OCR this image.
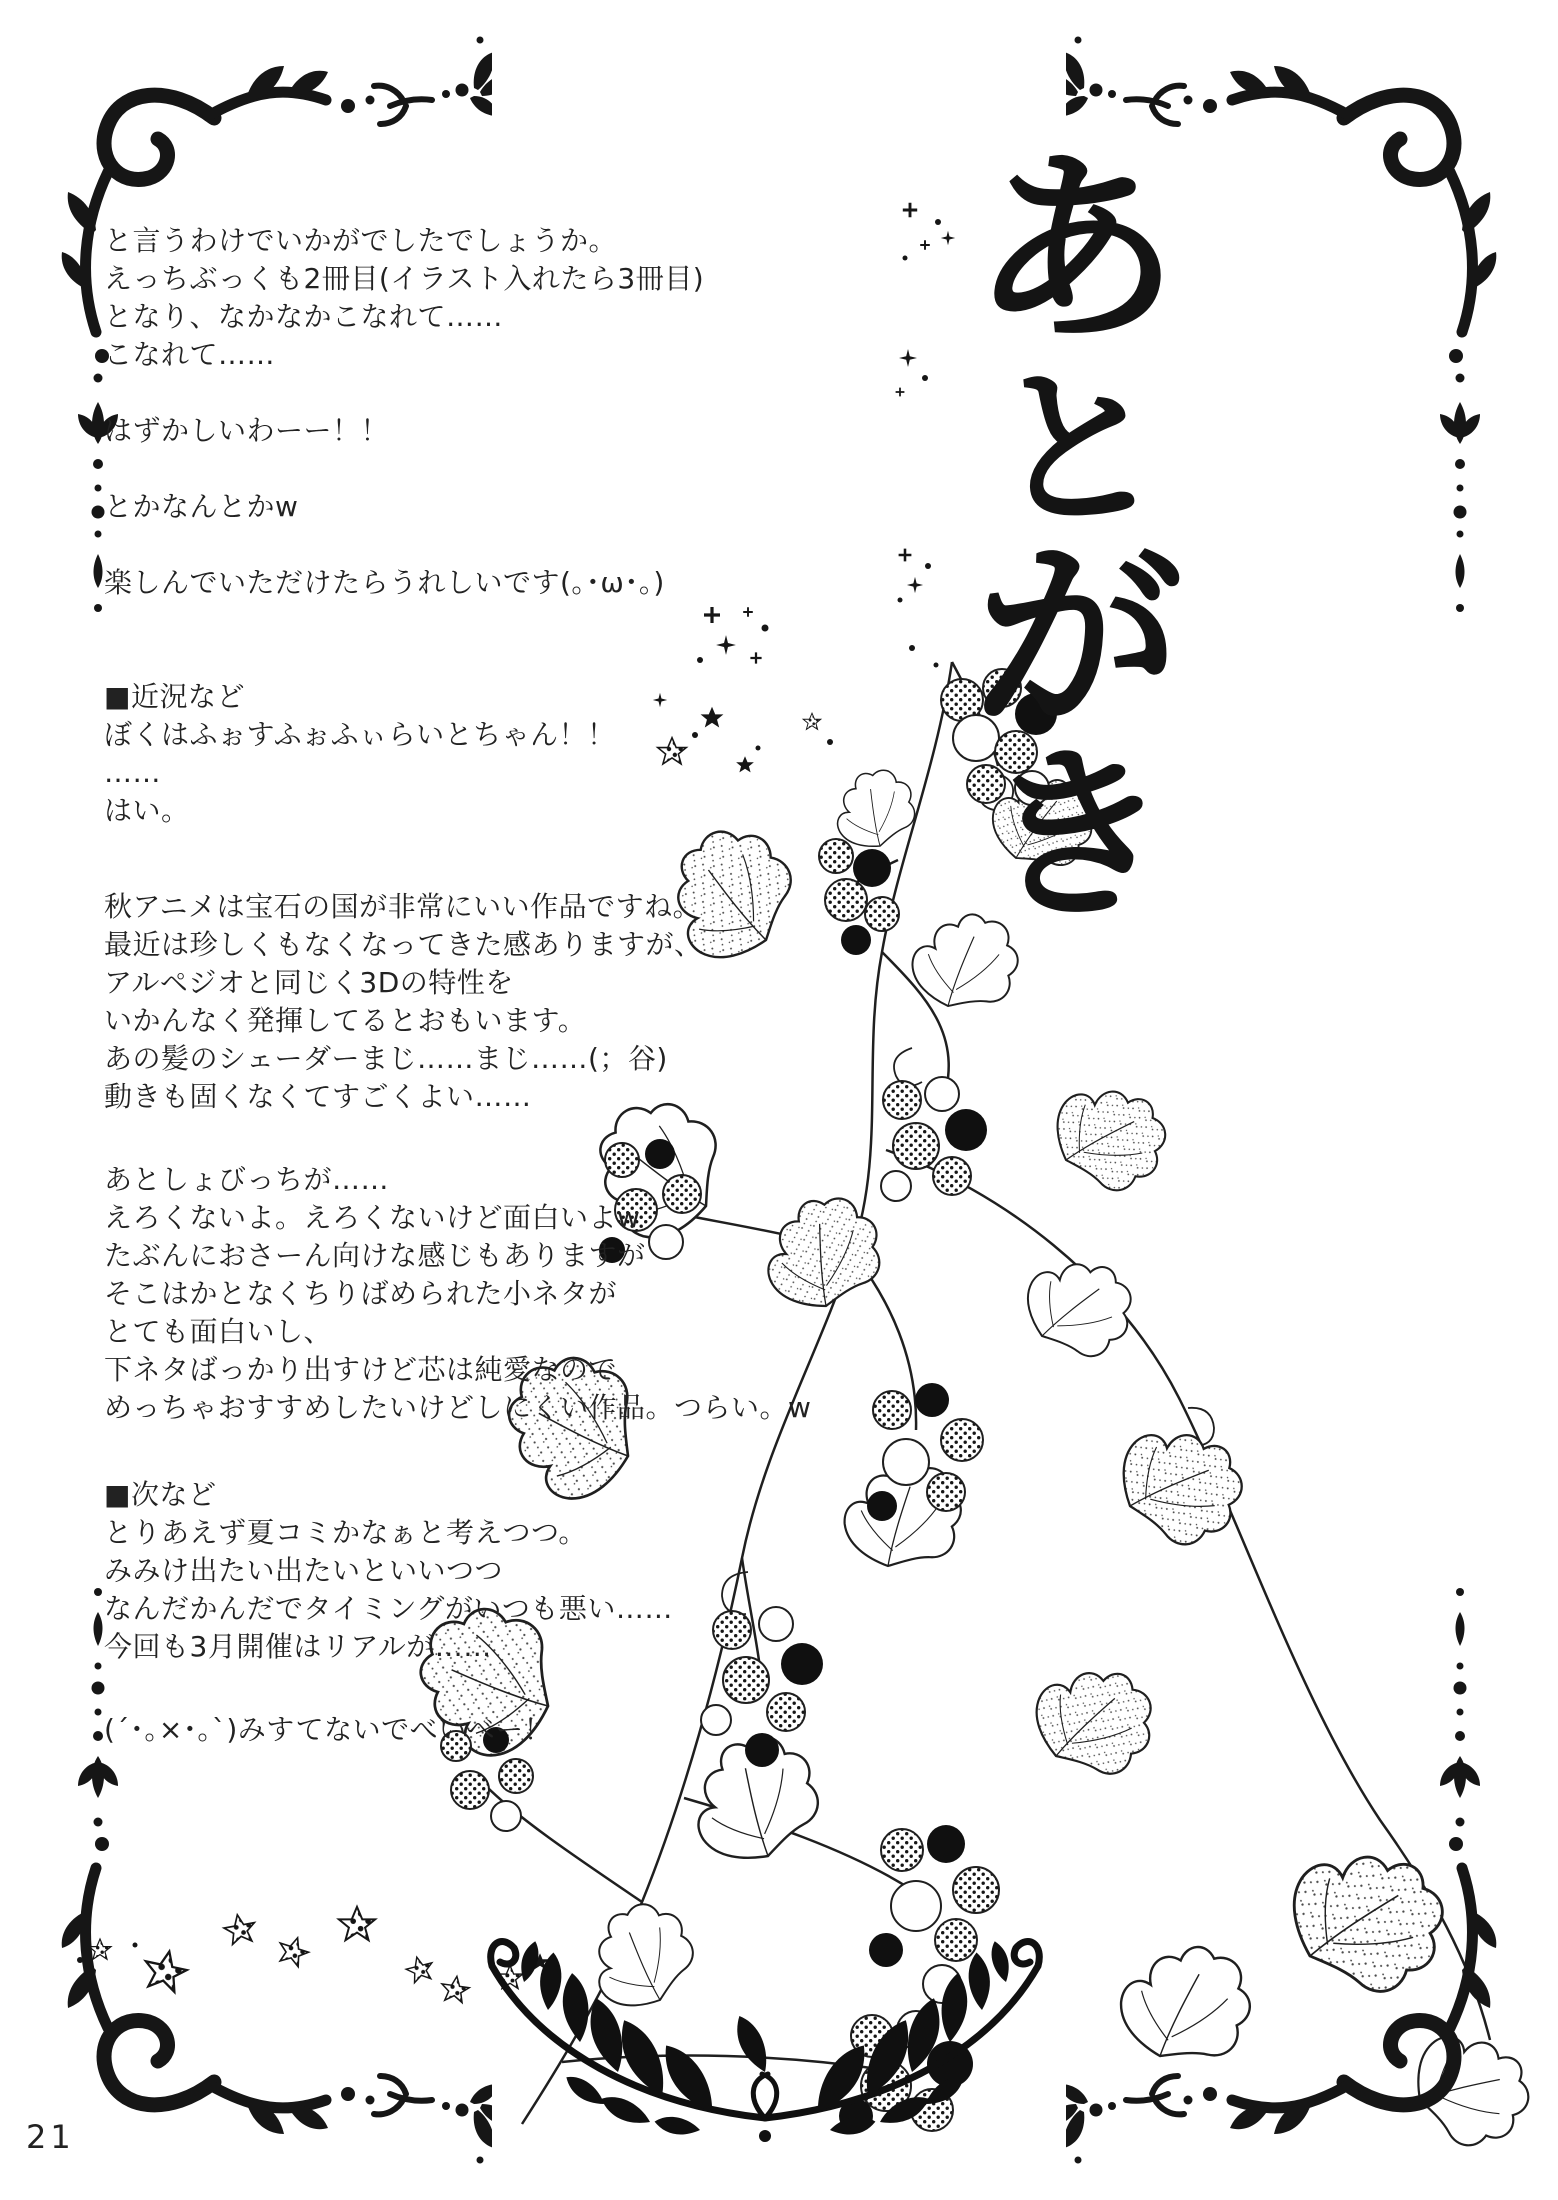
あ
と
が
き
と言うわけでいかがでしたでしょうか。
えっちぶっくも2冊目(イラスト入れたら3冊目)
となり、なかなかこなれて……
こなれて……
はずかしいわーー！！
とかなんとかw
楽しんでいただけたらうれしいです(｡･ω･｡)
■近況など
ぼくはふぉすふぉふぃらいとちゃん！！
……
はい。
秋アニメは宝石の国が非常にいい作品ですね。
最近は珍しくもなくなってきた感ありますが、
アルペジオと同じく3Dの特性を
いかんなく発揮してるとおもいます。
あの髪のシェーダーまじ……まじ……(；谷)
動きも固くなくてすごくよい……
あとしょびっちが……
えろくないよ。えろくないけど面白いよw
たぶんにおさーん向けな感じもありますが
そこはかとなくちりばめられた小ネタが
とても面白いし、
下ネタばっかり出すけど芯は純愛なので
めっちゃおすすめしたいけどしにくい作品。つらい。w
■次など
とりあえず夏コミかなぁと考えつつ。
みみけ出たい出たいといいつつ
なんだかんだでタイミングがいつも悪い……
今回も3月開催はリアルが……
(´･｡×･｡`)みすてないでべいべー！
21
